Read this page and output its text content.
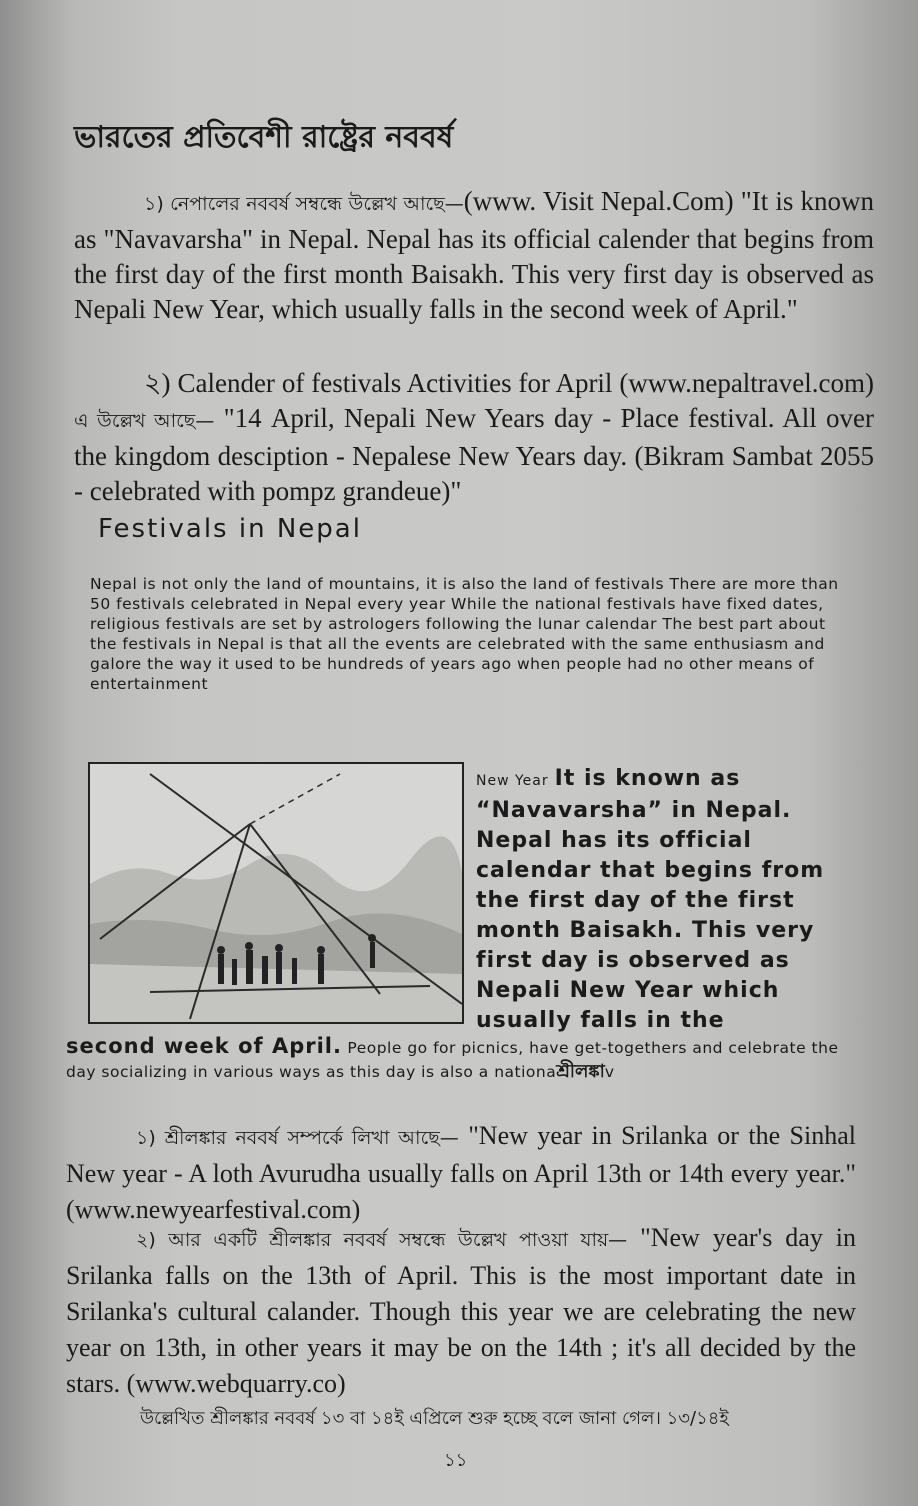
ভারতের প্রতিবেশী রাষ্ট্রের নববর্ষ
১) নেপালের নববর্ষ সম্বন্ধে উল্লেখ আছে—(www. Visit Nepal.Com) "It is known as "Navavarsha" in Nepal. Nepal has its official calender that begins from the first day of the first month Baisakh. This very first day is observed as Nepali New Year, which usually falls in the second week of April."
২) Calender of festivals Activities for April (www.nepaltravel.com) এ উল্লেখ আছে— "14 April, Nepali New Years day - Place festival. All over the kingdom desciption - Nepalese New Years day. (Bikram Sambat 2055 - celebrated with pompz grandeue)"
Festivals in Nepal
Nepal is not only the land of mountains, it is also the land of festivals There are more than 50 festivals celebrated in Nepal every year While the national festivals have fixed dates, religious festivals are set by astrologers following the lunar calendar The best part about the festivals in Nepal is that all the events are celebrated with the same enthusiasm and galore the way it used to be hundreds of years ago when people had no other means of entertainment
New Year It is known as “Navavarsha” in Nepal. Nepal has its official calendar that begins from the first day of the first month Baisakh. This very first day is observed as Nepali New Year which usually falls in the
second week of April. People go for picnics, have get-togethers and celebrate the day socializing in various ways as this day is also a nationaশ্রীলঙ্কাv
১) শ্রীলঙ্কার নববর্ষ সম্পর্কে লিখা আছে— "New year in Srilanka or the Sinhal New year - A loth Avurudha usually falls on April 13th or 14th every year." (www.newyearfestival.com)
২) আর একটি শ্রীলঙ্কার নববর্ষ সম্বন্ধে উল্লেখ পাওয়া যায়— "New year's day in Srilanka falls on the 13th of April. This is the most important date in Srilanka's cultural calander. Though this year we are celebrating the new year on 13th, in other years it may be on the 14th ; it's all decided by the stars. (www.webquarry.co)
উল্লেখিত শ্রীলঙ্কার নববর্ষ ১৩ বা ১৪ই এপ্রিলে শুরু হচ্ছে বলে জানা গেল। ১৩/১৪ই
১১
